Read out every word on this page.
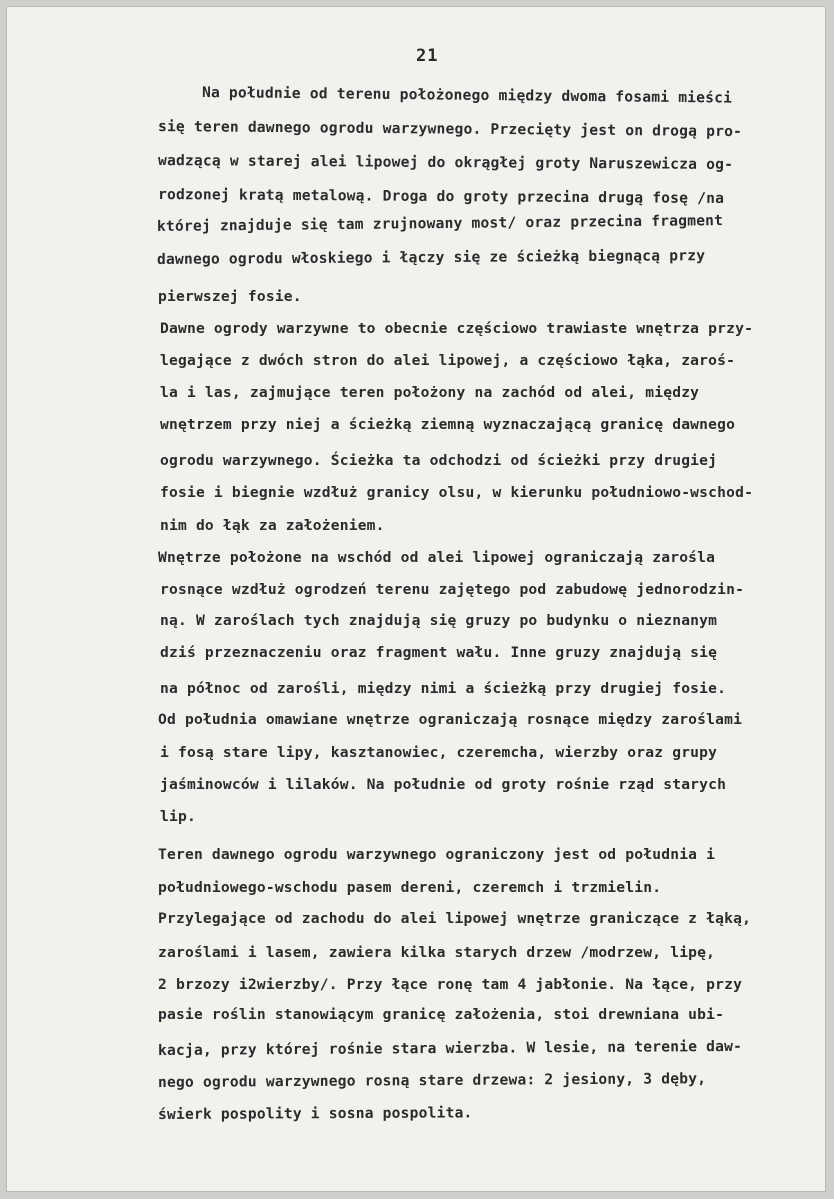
21
Na południe od terenu położonego między dwoma fosami mieści
się teren dawnego ogrodu warzywnego. Przecięty jest on drogą pro-
wadzącą w starej alei lipowej do okrągłej groty Naruszewicza og-
rodzonej kratą metalową. Droga do groty przecina drugą fosę /na
której znajduje się tam zrujnowany most/ oraz przecina fragment
dawnego ogrodu włoskiego i łączy się ze ścieżką biegnącą przy
pierwszej fosie.
Dawne ogrody warzywne to obecnie częściowo trawiaste wnętrza przy-
legające z dwóch stron do alei lipowej, a częściowo łąka, zaroś-
la i las, zajmujące teren położony na zachód od alei, między
wnętrzem przy niej a ścieżką ziemną wyznaczającą granicę dawnego
ogrodu warzywnego. Ścieżka ta odchodzi od ścieżki przy drugiej
fosie i biegnie wzdłuż granicy olsu, w kierunku południowo-wschod-
nim do łąk za założeniem.
Wnętrze położone na wschód od alei lipowej ograniczają zarośla
rosnące wzdłuż ogrodzeń terenu zajętego pod zabudowę jednorodzin-
ną. W zaroślach tych znajdują się gruzy po budynku o nieznanym
dziś przeznaczeniu oraz fragment wału. Inne gruzy znajdują się
na północ od zarośli, między nimi a ścieżką przy drugiej fosie.
Od południa omawiane wnętrze ograniczają rosnące między zaroślami
i fosą stare lipy, kasztanowiec, czeremcha, wierzby oraz grupy
jaśminowców i lilaków. Na południe od groty rośnie rząd starych
lip.
Teren dawnego ogrodu warzywnego ograniczony jest od południa i
południowego-wschodu pasem dereni, czeremch i trzmielin.
Przylegające od zachodu do alei lipowej wnętrze graniczące z łąką,
zaroślami i lasem, zawiera kilka starych drzew /modrzew, lipę,
2 brzozy i2wierzby/. Przy łące ronę tam 4 jabłonie. Na łące, przy
pasie roślin stanowiącym granicę założenia, stoi drewniana ubi-
kacja, przy której rośnie stara wierzba. W lesie, na terenie daw-
nego ogrodu warzywnego rosną stare drzewa: 2 jesiony, 3 dęby,
świerk pospolity i sosna pospolita.
